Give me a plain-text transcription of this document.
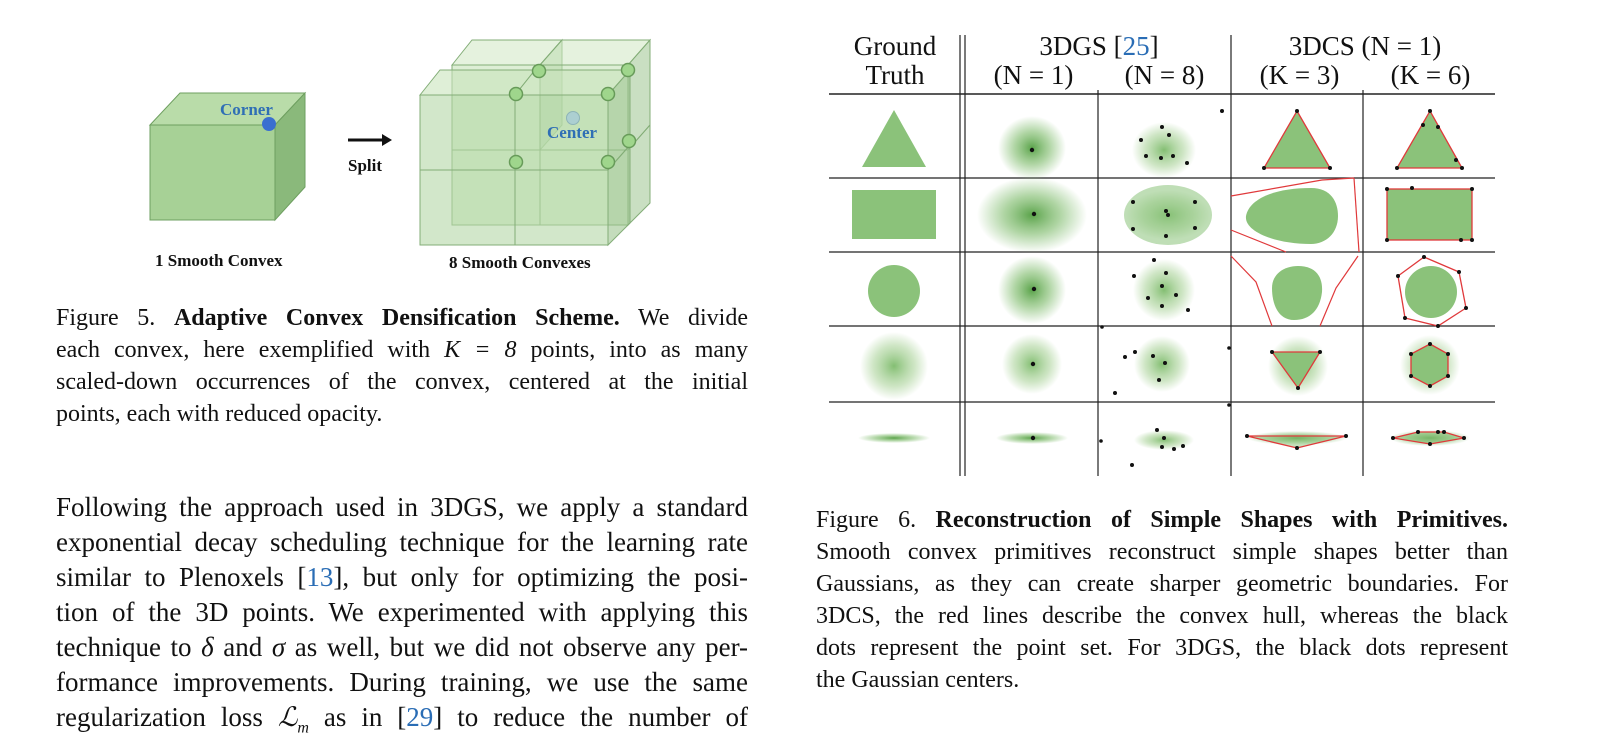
Corner
Split
Center
1 Smooth Convex	8 Smooth Convexes
Figure 5. Adaptive Convex Densification Scheme. We divide
each convex, here exemplified with K = 8 points, into as many
scaled-down occurrences of the convex, centered at the initial
points, each with reduced opacity.
Following the approach used in 3DGS, we apply a standard
exponential decay scheduling technique for the learning rate
similar to Plenoxels [13], but only for optimizing the posi-
tion of the 3D points. We experimented with applying this
technique to δ and σ as well, but we did not observe any per-
formance improvements. During training, we use the same
regularization loss ℒ$_m$ as in [29] to reduce the number of
Ground
Truth
3DGS [25]	3DCS (N = 1)
(N = 1)	(N = 8)	(K = 3)	(K = 6)
Figure 6. Reconstruction of Simple Shapes with Primitives.
Smooth convex primitives reconstruct simple shapes better than
Gaussians, as they can create sharper geometric boundaries. For
3DCS, the red lines describe the convex hull, whereas the black
dots represent the point set. For 3DGS, the black dots represent
the Gaussian centers.
